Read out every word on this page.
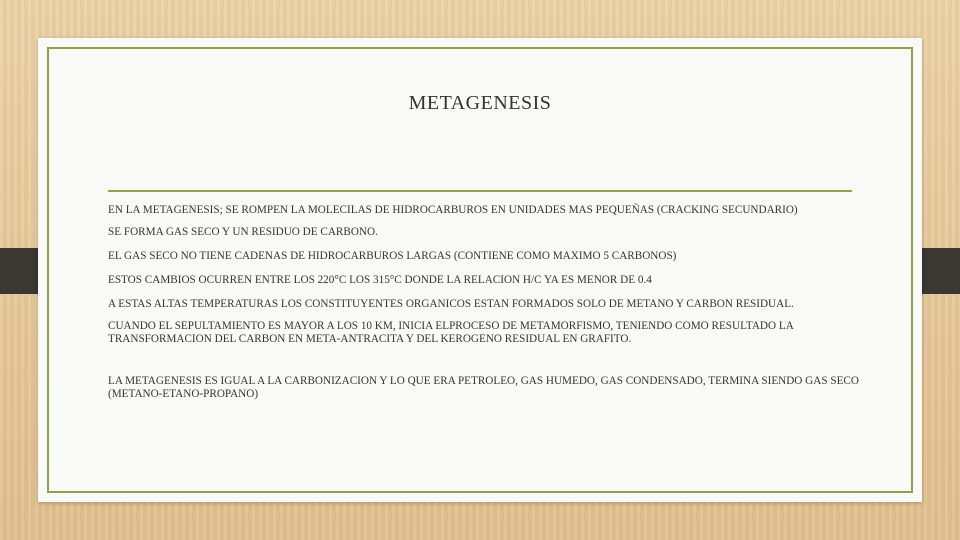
METAGENESIS

EN LA METAGENESIS; SE ROMPEN LA MOLECILAS DE HIDROCARBUROS EN UNIDADES MAS PEQUEÑAS (CRACKING SECUNDARIO)

SE FORMA GAS SECO Y UN RESIDUO DE CARBONO.

EL GAS SECO NO TIENE CADENAS DE HIDROCARBUROS LARGAS (CONTIENE COMO MAXIMO 5 CARBONOS)

ESTOS CAMBIOS OCURREN ENTRE LOS 220°C LOS 315°C DONDE LA RELACION H/C YA ES MENOR DE 0.4

A ESTAS ALTAS TEMPERATURAS LOS CONSTITUYENTES ORGANICOS ESTAN FORMADOS SOLO DE METANO Y CARBON RESIDUAL.

CUANDO EL SEPULTAMIENTO ES MAYOR A LOS 10 KM, INICIA ELPROCESO DE METAMORFISMO, TENIENDO COMO RESULTADO LA TRANSFORMACION DEL CARBON EN META-ANTRACITA Y DEL KEROGENO RESIDUAL EN GRAFITO.

LA METAGENESIS ES IGUAL A LA CARBONIZACION Y LO QUE ERA PETROLEO, GAS HUMEDO, GAS CONDENSADO, TERMINA SIENDO GAS SECO (METANO-ETANO-PROPANO)
